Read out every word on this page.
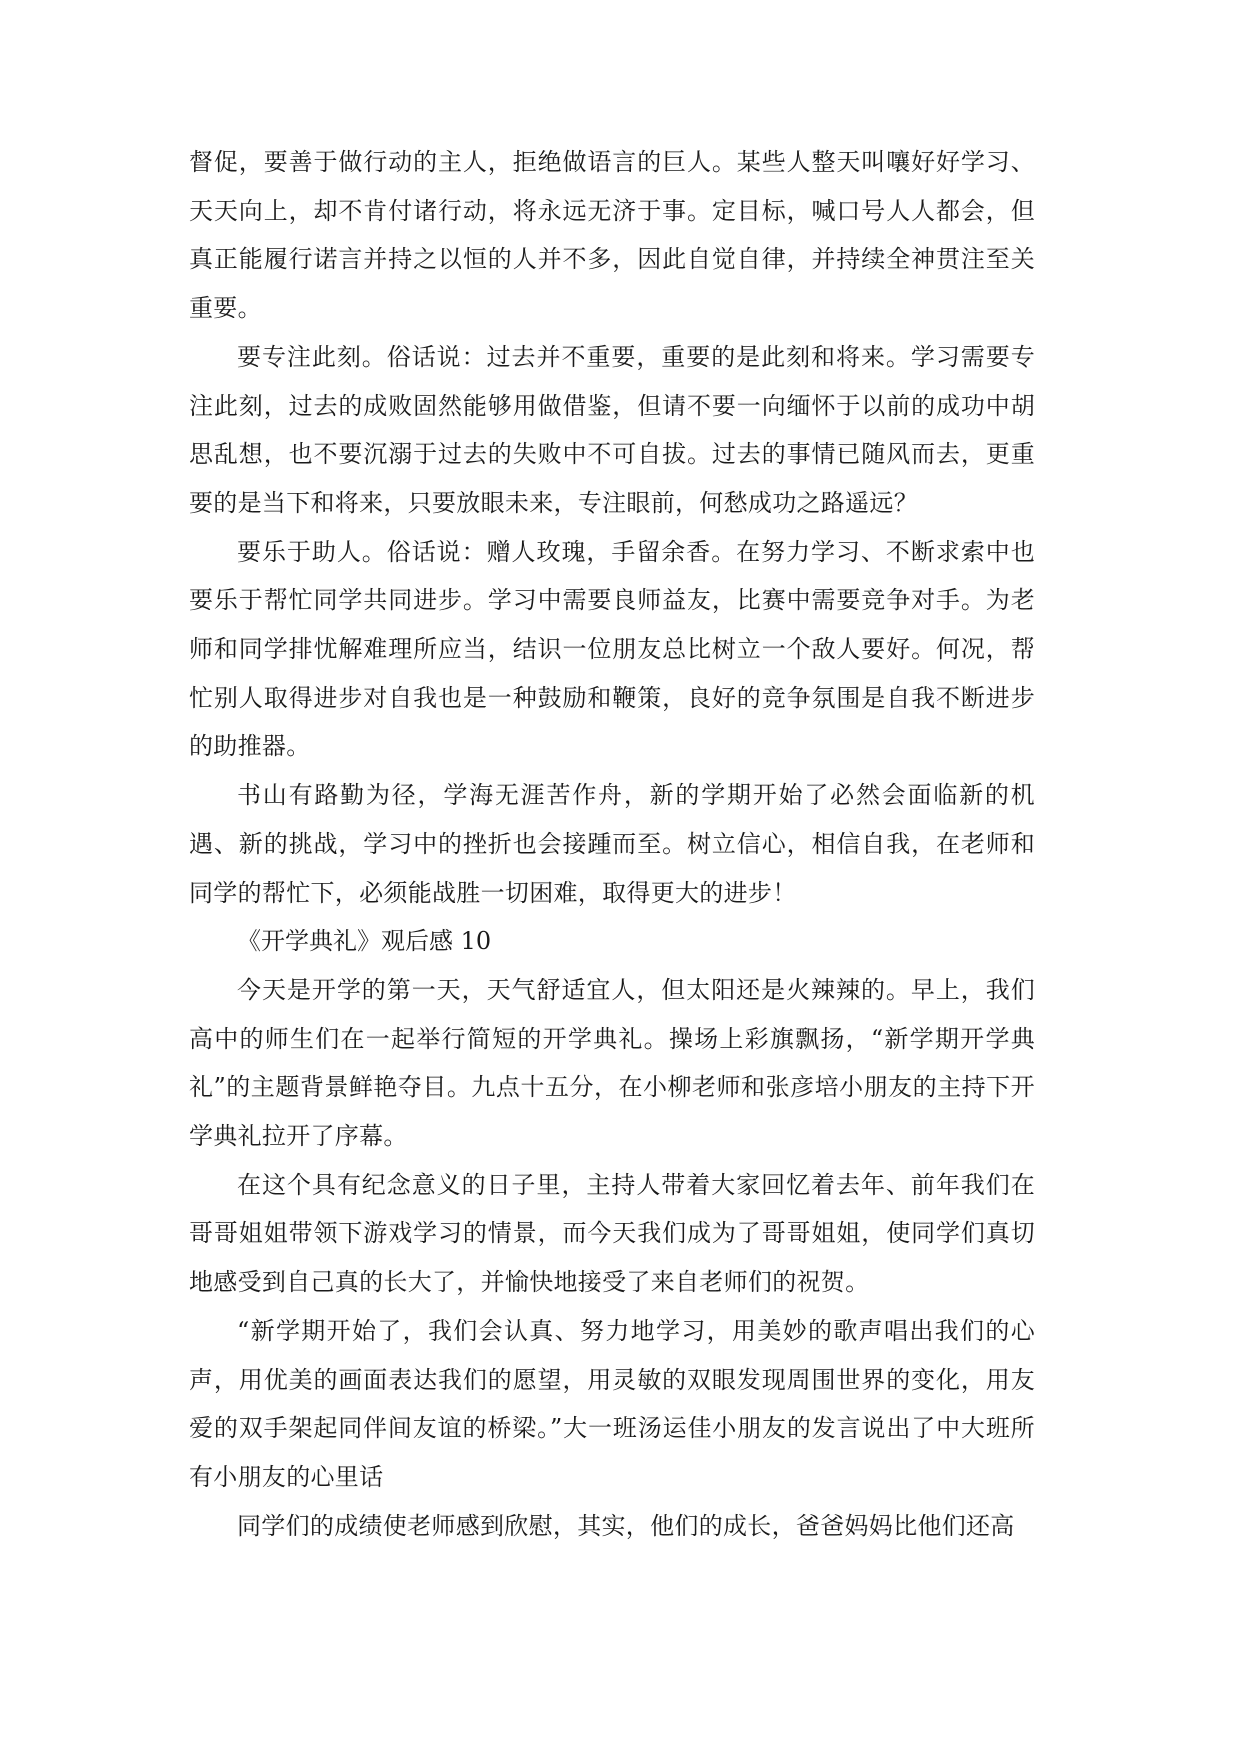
督促，要善于做行动的主人，拒绝做语言的巨人。某些人整天叫嚷好好学习、天天向上，却不肯付诸行动，将永远无济于事。定目标，喊口号人人都会，但真正能履行诺言并持之以恒的人并不多，因此自觉自律，并持续全神贯注至关重要。

要专注此刻。俗话说：过去并不重要，重要的是此刻和将来。学习需要专注此刻，过去的成败固然能够用做借鉴，但请不要一向缅怀于以前的成功中胡思乱想，也不要沉溺于过去的失败中不可自拔。过去的事情已随风而去，更重要的是当下和将来，只要放眼未来，专注眼前，何愁成功之路遥远？

要乐于助人。俗话说：赠人玫瑰，手留余香。在努力学习、不断求索中也要乐于帮忙同学共同进步。学习中需要良师益友，比赛中需要竞争对手。为老师和同学排忧解难理所应当，结识一位朋友总比树立一个敌人要好。何况，帮忙别人取得进步对自我也是一种鼓励和鞭策，良好的竞争氛围是自我不断进步的助推器。

书山有路勤为径，学海无涯苦作舟，新的学期开始了必然会面临新的机遇、新的挑战，学习中的挫折也会接踵而至。树立信心，相信自我，在老师和同学的帮忙下，必须能战胜一切困难，取得更大的进步！

《开学典礼》观后感 10

今天是开学的第一天，天气舒适宜人，但太阳还是火辣辣的。早上，我们高中的师生们在一起举行简短的开学典礼。操场上彩旗飘扬，“新学期开学典礼”的主题背景鲜艳夺目。九点十五分，在小柳老师和张彦培小朋友的主持下开学典礼拉开了序幕。

在这个具有纪念意义的日子里，主持人带着大家回忆着去年、前年我们在哥哥姐姐带领下游戏学习的情景，而今天我们成为了哥哥姐姐，使同学们真切地感受到自己真的长大了，并愉快地接受了来自老师们的祝贺。

“新学期开始了，我们会认真、努力地学习，用美妙的歌声唱出我们的心声，用优美的画面表达我们的愿望，用灵敏的双眼发现周围世界的变化，用友爱的双手架起同伴间友谊的桥梁。”大一班汤运佳小朋友的发言说出了中大班所有小朋友的心里话

同学们的成绩使老师感到欣慰，其实，他们的成长，爸爸妈妈比他们还高
